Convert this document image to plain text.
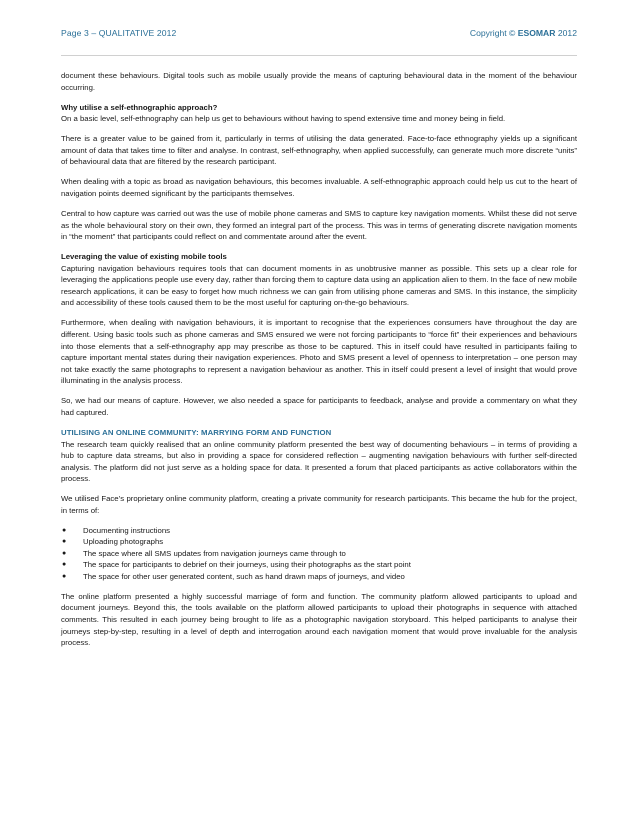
Page 3 – QUALITATIVE 2012	Copyright © ESOMAR 2012

document these behaviours. Digital tools such as mobile usually provide the means of capturing behavioural data in the moment of the behaviour occurring.

Why utilise a self-ethnographic approach?

On a basic level, self-ethnography can help us get to behaviours without having to spend extensive time and money being in field.

There is a greater value to be gained from it, particularly in terms of utilising the data generated. Face-to-face ethnography yields up a significant amount of data that takes time to filter and analyse. In contrast, self-ethnography, when applied successfully, can generate much more discrete “units” of behavioural data that are filtered by the research participant.

When dealing with a topic as broad as navigation behaviours, this becomes invaluable. A self-ethnographic approach could help us cut to the heart of navigation points deemed significant by the participants themselves.

Central to how capture was carried out was the use of mobile phone cameras and SMS to capture key navigation moments. Whilst these did not serve as the whole behavioural story on their own, they formed an integral part of the process. This was in terms of generating discrete navigation moments in “the moment” that participants could reflect on and commentate around after the event.

Leveraging the value of existing mobile tools

Capturing navigation behaviours requires tools that can document moments in as unobtrusive manner as possible. This sets up a clear role for leveraging the applications people use every day, rather than forcing them to capture data using an application alien to them. In the face of new mobile research applications, it can be easy to forget how much richness we can gain from utilising phone cameras and SMS. In this instance, the simplicity and accessibility of these tools caused them to be the most useful for capturing on-the-go behaviours.

Furthermore, when dealing with navigation behaviours, it is important to recognise that the experiences consumers have throughout the day are different. Using basic tools such as phone cameras and SMS ensured we were not forcing participants to “force fit” their experiences and behaviours into those elements that a self-ethnography app may prescribe as those to be captured. This in itself could have resulted in participants failing to capture important mental states during their navigation experiences. Photo and SMS present a level of openness to interpretation – one person may not take exactly the same photographs to represent a navigation behaviour as another. This in itself could present a level of insight that would prove illuminating in the analysis process.

So, we had our means of capture. However, we also needed a space for participants to feedback, analyse and provide a commentary on what they had captured.

UTILISING AN ONLINE COMMUNITY: MARRYING FORM AND FUNCTION

The research team quickly realised that an online community platform presented the best way of documenting behaviours – in terms of providing a hub to capture data streams, but also in providing a space for considered reflection – augmenting navigation behaviours with further self-directed analysis. The platform did not just serve as a holding space for data. It presented a forum that placed participants as active collaborators within the process.

We utilised Face’s proprietary online community platform, creating a private community for research participants. This became the hub for the project, in terms of:

● Documenting instructions
● Uploading photographs
● The space where all SMS updates from navigation journeys came through to
● The space for participants to debrief on their journeys, using their photographs as the start point
● The space for other user generated content, such as hand drawn maps of journeys, and video

The online platform presented a highly successful marriage of form and function. The community platform allowed participants to upload and document journeys. Beyond this, the tools available on the platform allowed participants to upload their photographs in sequence with attached comments. This resulted in each journey being brought to life as a photographic navigation storyboard. This helped participants to analyse their journeys step-by-step, resulting in a level of depth and interrogation around each navigation moment that would prove invaluable for the analysis process.
